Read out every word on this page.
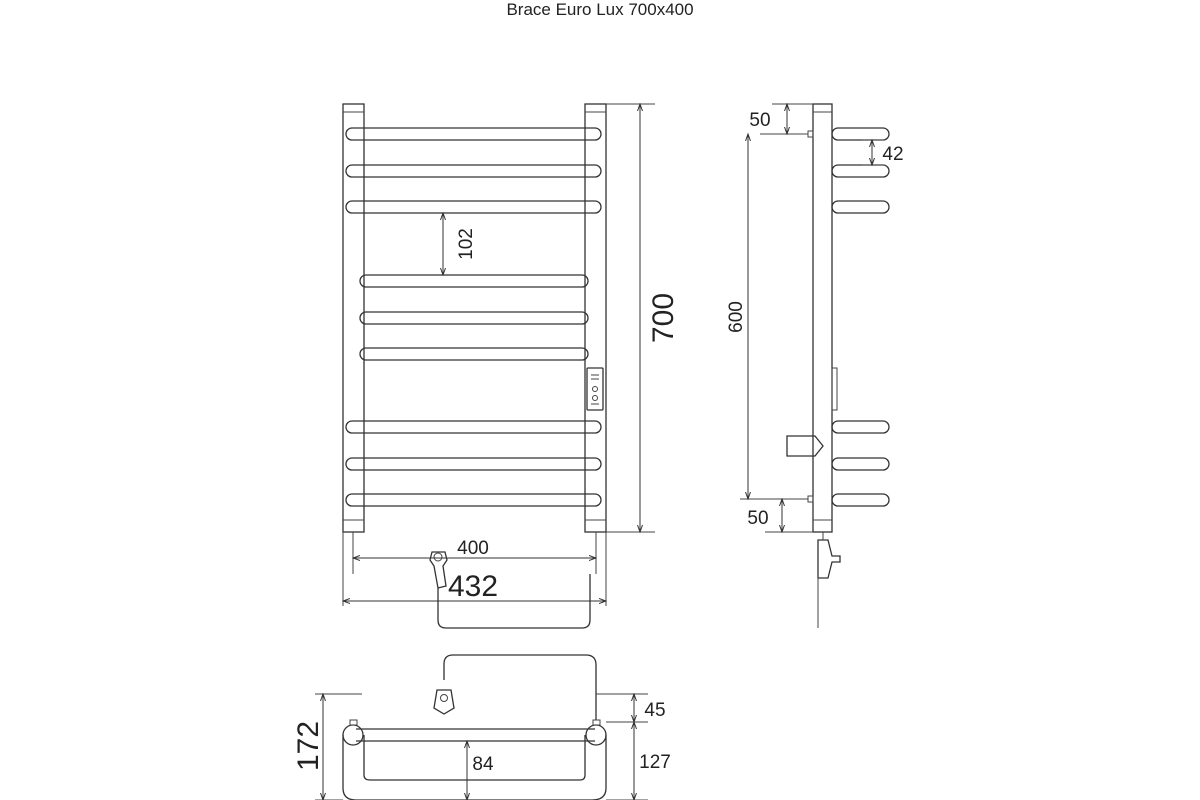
Brace Euro Lux 700x400
102
700
400
432
50
42
600
50
172
45
127
84
